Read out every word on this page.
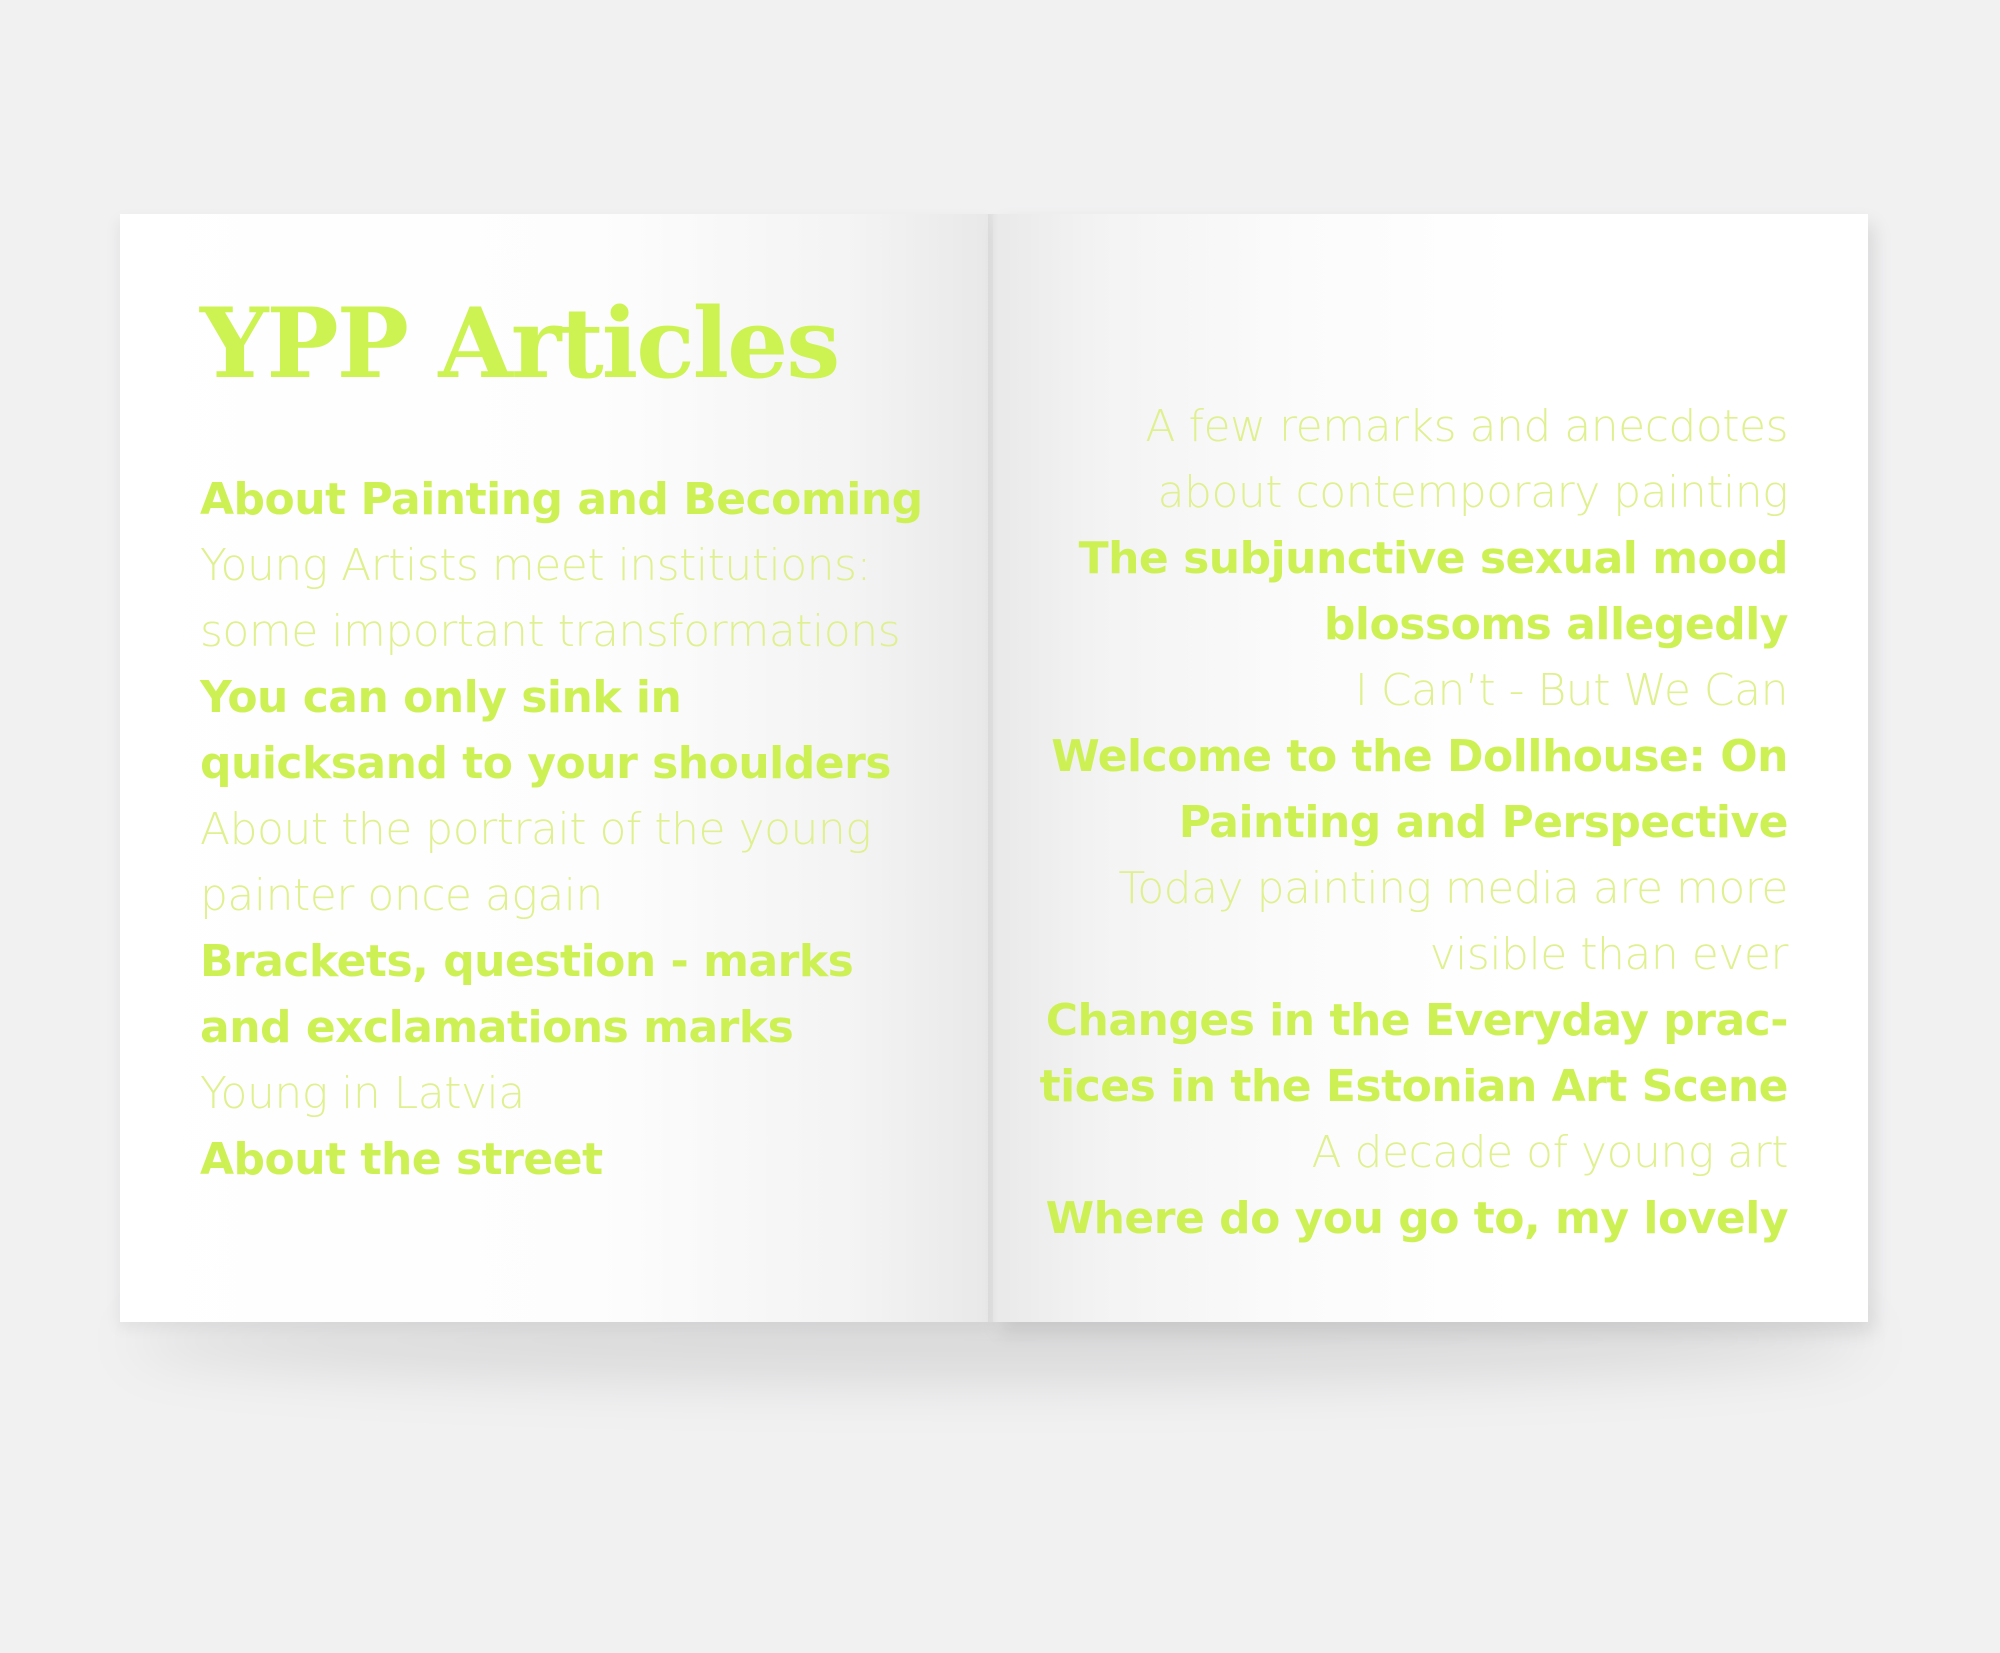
YPP Articles
About Painting and Becoming
Young Artists meet institutions: some important transformations
You can only sink in quicksand to your shoulders
About the portrait of the young painter once again
Brackets, question - marks and exclamations marks
Young in Latvia
About the street
A few remarks and anecdotes about contemporary painting
The subjunctive sexual mood blossoms allegedly
I Can’t - But We Can
Welcome to the Dollhouse: On Painting and Perspective
Today painting media are more visible than ever
Changes in the Everyday prac-tices in the Estonian Art Scene
A decade of young art
Where do you go to, my lovely
